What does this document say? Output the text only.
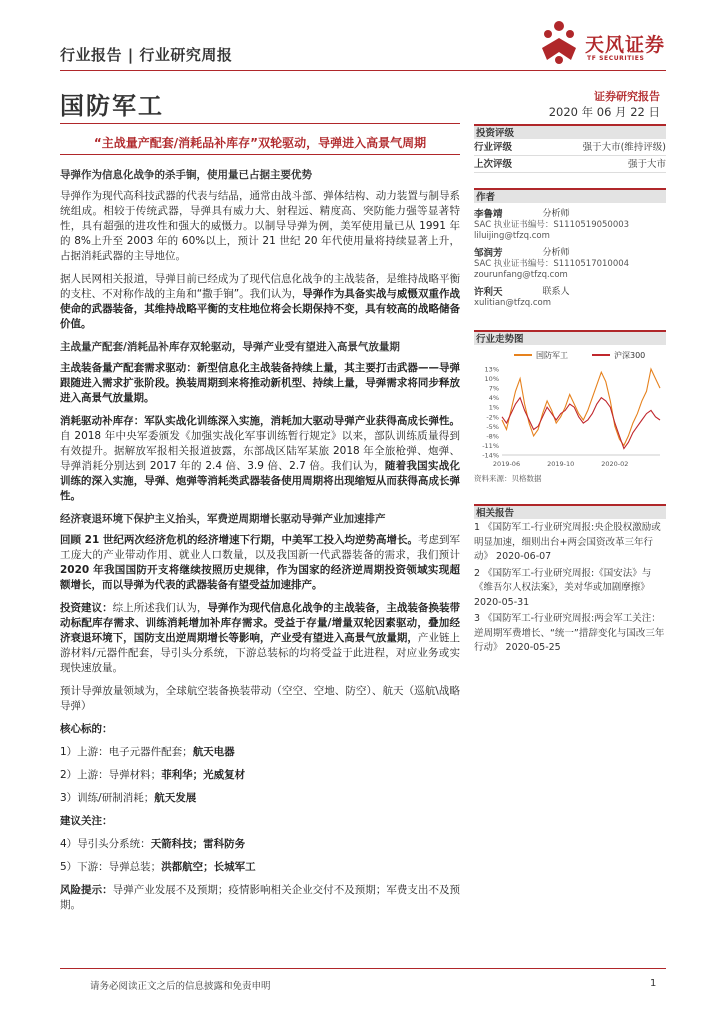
行业报告 | 行业研究周报	天风证券
TF SECURITIES
国防军工	证券研究报告
2020 年 06 月 22 日
“主战量产配套/消耗品补库存”双轮驱动，导弹进入高景气周期
导弹作为信息化战争的杀手锏，使用量已占据主要优势
导弹作为现代高科技武器的代表与结晶，通常由战斗部、弹体结构、动力装置与制导系统组成。相较于传统武器，导弹具有威力大、射程远、精度高、突防能力强等显著特性，具有超强的进攻性和强大的威慑力。以制导导弹为例，美军使用量已从 1991 年的 8%上升至 2003 年的 60%以上，预计 21 世纪 20 年代使用量将持续显著上升，占据消耗武器的主导地位。
据人民网相关报道，导弹目前已经成为了现代信息化战争的主战装备，是维持战略平衡的支柱、不对称作战的主角和“撒手锏”。我们认为，导弹作为具备实战与威慑双重作战使命的武器装备，其维持战略平衡的支柱地位将会长期保持不变，具有较高的战略储备价值。
主战量产配套/消耗品补库存双轮驱动，导弹产业受有望进入高景气放量期
主战装备量产配套需求驱动：新型信息化主战装备持续上量，其主要打击武器——导弹跟随进入需求扩张阶段。换装周期到来将推动新机型、持续上量，导弹需求将同步释放进入高景气放量期。
消耗驱动补库存：军队实战化训练深入实施，消耗加大驱动导弹产业获得高成长弹性。自 2018 年中央军委颁发《加强实战化军事训练暂行规定》以来，部队训练质量得到有效提升。据解放军报相关报道披露，东部战区陆军某旅 2018 年全旅枪弹、炮弹、导弹消耗分别达到 2017 年的 2.4 倍、3.9 倍、2.7 倍。我们认为，随着我国实战化训练的深入实施，导弹、炮弹等消耗类武器装备使用周期将出现缩短从而获得高成长弹性。
经济衰退环境下保护主义抬头，军费逆周期增长驱动导弹产业加速排产
回顾 21 世纪两次经济危机的经济增速下行期，中美军工投入均逆势高增长。考虑到军工庞大的产业带动作用、就业人口数量，以及我国新一代武器装备的需求，我们预计2020 年我国国防开支将继续按照历史规律，作为国家的经济逆周期投资领域实现超额增长，而以导弹为代表的武器装备有望受益加速排产。
投资建议：综上所述我们认为，导弹作为现代信息化战争的主战装备，主战装备换装带动标配库存需求、训练消耗增加补库存需求。受益于存量/增量双轮因素驱动，叠加经济衰退环境下，国防支出逆周期增长等影响，产业受有望进入高景气放量期，产业链上游材料/元器件配套，导引头分系统，下游总装标的均将受益于此进程，对应业务或实现快速放量。
预计导弹放量领域为，全球航空装备换装带动（空空、空地、防空）、航天（巡航\战略导弹）
核心标的：
1）上游：电子元器件配套；航天电器
2）上游：导弹材料；菲利华；光威复材
3）训练/研制消耗；航天发展
建议关注：
4）导引头分系统：天箭科技；雷科防务
5）下游：导弹总装；洪都航空；长城军工
风险提示：导弹产业发展不及预期；疫情影响相关企业交付不及预期；军费支出不及预期。
投资评级
行业评级	强于大市(维持评级)
上次评级	强于大市
作者
李鲁靖	分析师
SAC 执业证书编号：S1110519050003
liluijing@tfzq.com
邹润芳	分析师
SAC 执业证书编号：S1110517010004
zourunfang@tfzq.com
许利天	联系人
xulitian@tfzq.com
行业走势图
国防军工	沪深300
13%
10%
7%
4%
1%
-2%
-5%
-8%
-11%
-14%
2019-06	2019-10	2020-02
资料来源：贝格数据
相关报告
1 《国防军工-行业研究周报:央企股权激励或明显加速，细则出台+两会国资改革三年行动》 2020-06-07
2 《国防军工-行业研究周报:《国安法》与《维吾尔人权法案》，美对华或加剧摩擦》 2020-05-31
3 《国防军工-行业研究周报:两会军工关注：逆周期军费增长、“统一”措辞变化与国改三年行动》 2020-05-25
请务必阅读正文之后的信息披露和免责申明	1
